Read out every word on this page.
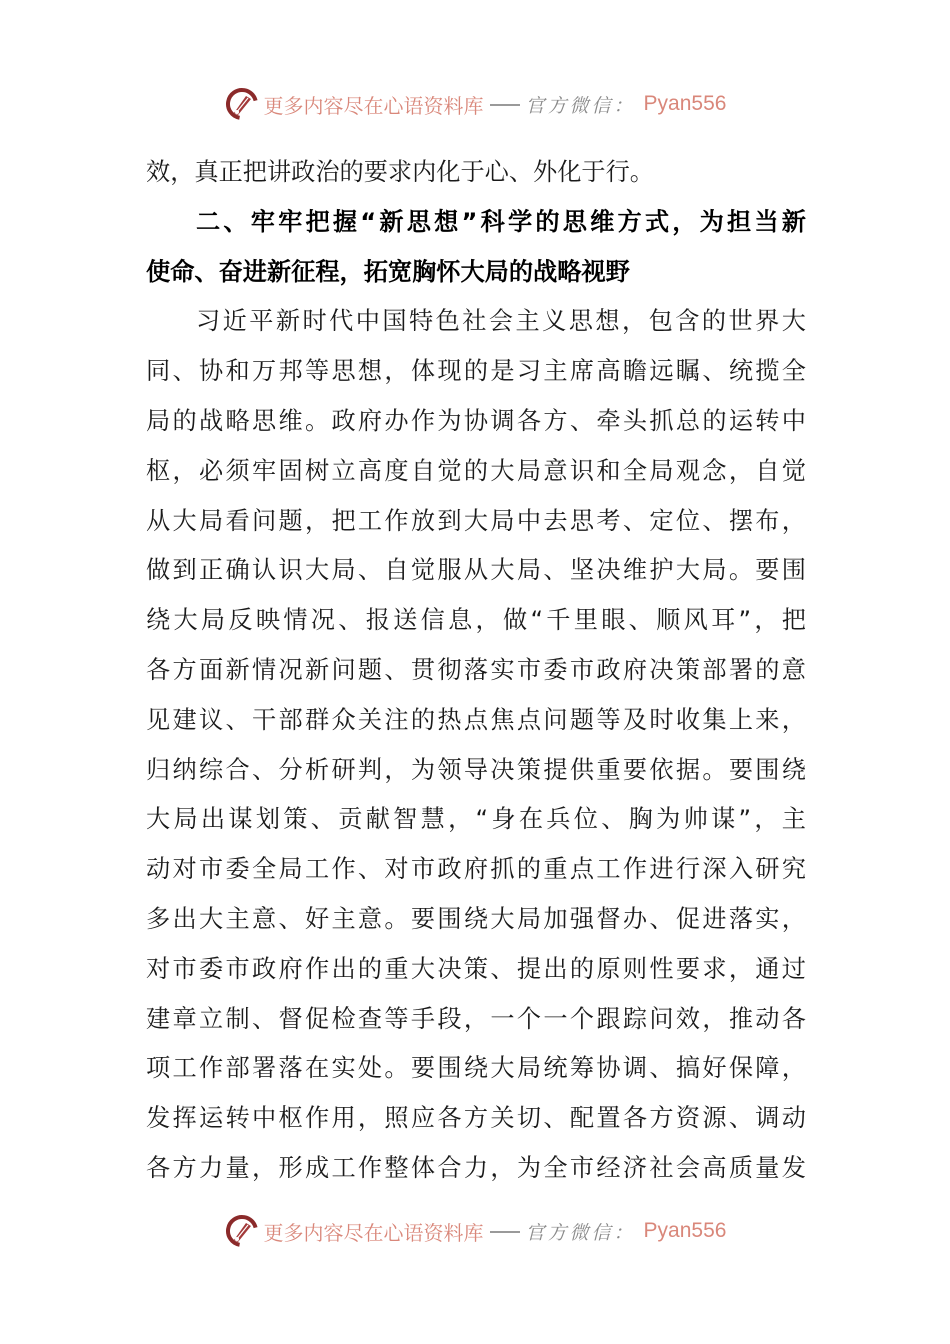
更多内容尽在心语资料库 官方微信： Pyan556
效，真正把讲政治的要求内化于心、外化于行。
二、牢牢把握“新思想”科学的思维方式，为担当新
使命、奋进新征程，拓宽胸怀大局的战略视野
习近平新时代中国特色社会主义思想，包含的世界大
同、协和万邦等思想，体现的是习主席高瞻远瞩、统揽全
局的战略思维。政府办作为协调各方、牵头抓总的运转中
枢，必须牢固树立高度自觉的大局意识和全局观念，自觉
从大局看问题，把工作放到大局中去思考、定位、摆布，
做到正确认识大局、自觉服从大局、坚决维护大局。要围
绕大局反映情况、报送信息，做“千里眼、顺风耳”，把
各方面新情况新问题、贯彻落实市委市政府决策部署的意
见建议、干部群众关注的热点焦点问题等及时收集上来，
归纳综合、分析研判，为领导决策提供重要依据。要围绕
大局出谋划策、贡献智慧，“身在兵位、胸为帅谋”，主
动对市委全局工作、对市政府抓的重点工作进行深入研究
多出大主意、好主意。要围绕大局加强督办、促进落实，
对市委市政府作出的重大决策、提出的原则性要求，通过
建章立制、督促检查等手段，一个一个跟踪问效，推动各
项工作部署落在实处。要围绕大局统筹协调、搞好保障，
发挥运转中枢作用，照应各方关切、配置各方资源、调动
各方力量，形成工作整体合力，为全市经济社会高质量发
更多内容尽在心语资料库 官方微信： Pyan556
